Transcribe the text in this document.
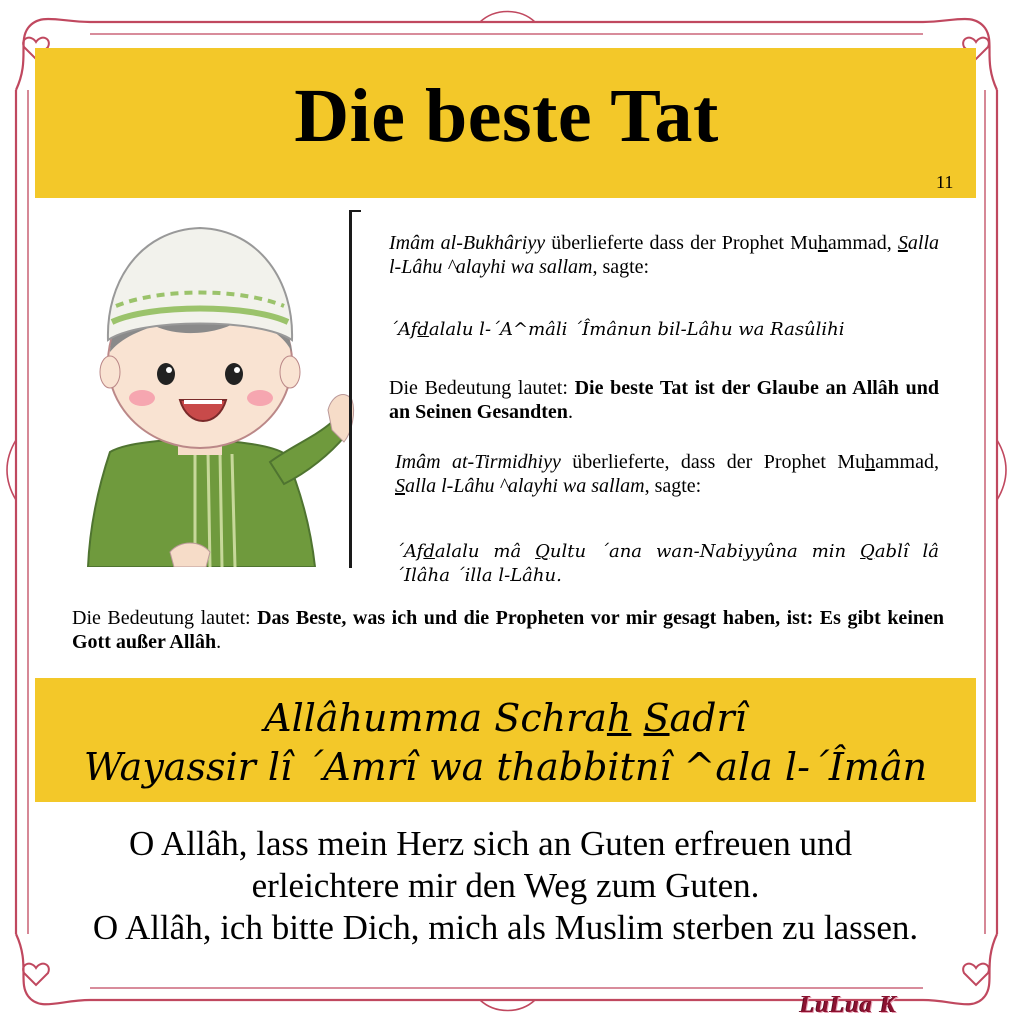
Die beste Tat
11
Imâm al-Bukhâriyy überlieferte dass der Prophet Muhammad, Salla l-Lâhu ^alayhi wa sallam, sagte:
´Afdalalu l-´A^mâli ´Îmânun bil-Lâhu wa Rasûlihi
Die Bedeutung lautet: Die beste Tat ist der Glaube an Allâh und an Seinen Gesandten.
Imâm at-Tirmidhiyy überlieferte, dass der Prophet Muhammad, Salla l-Lâhu ^alayhi wa sallam, sagte:
´Afdalalu mâ Qultu ´ana wan-Nabiyyûna min Qablî lâ ´Ilâha ´illa l-Lâhu.
Die Bedeutung lautet: Das Beste, was ich und die Propheten vor mir gesagt haben, ist: Es gibt keinen Gott außer Allâh.
Allâhumma Schrah Sadrî
Wayassir lî ´Amrî wa thabbitnî ^ala l-´Îmân
O Allâh, lass mein Herz sich an Guten erfreuen und
erleichtere mir den Weg zum Guten.
O Allâh, ich bitte Dich, mich als Muslim sterben zu lassen.
LuLua K
